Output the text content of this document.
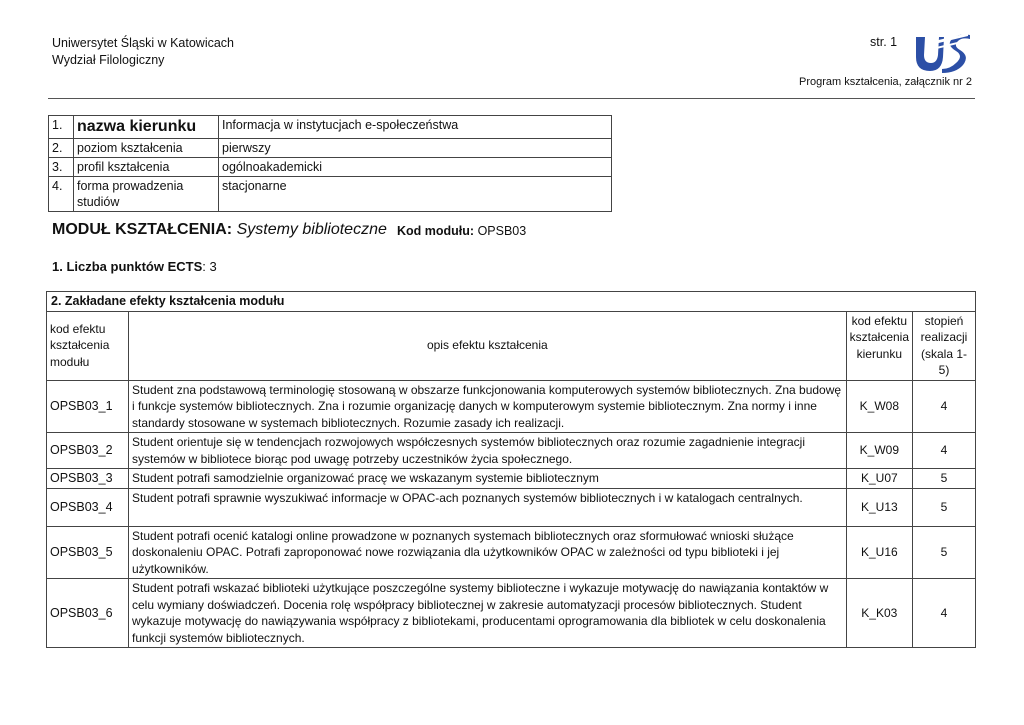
Uniwersytet Śląski w Katowicach
Wydział Filologiczny
str. 1
Program kształcenia, załącznik nr 2
1.	nazwa kierunku	Informacja w instytucjach e-społeczeństwa
2.	poziom kształcenia	pierwszy
3.	profil kształcenia	ogólnoakademicki
4.	forma prowadzenia studiów	stacjonarne
MODUŁ KSZTAŁCENIA: Systemy biblioteczne Kod modułu: OPSB03
1. Liczba punktów ECTS: 3
2. Zakładane efekty kształcenia modułu			
kod efektu kształcenia modułu	opis efektu kształcenia	kod efektu kształcenia kierunku	stopień realizacji (skala 1-5)
OPSB03_1	Student zna podstawową terminologię stosowaną w obszarze funkcjonowania komputerowych systemów bibliotecznych. Zna budowę i funkcje systemów bibliotecznych. Zna i rozumie organizację danych w komputerowym systemie bibliotecznym. Zna normy i inne standardy stosowane w systemach bibliotecznych. Rozumie zasady ich realizacji.	K_W08	4
OPSB03_2	Student orientuje się w tendencjach rozwojowych współczesnych systemów bibliotecznych oraz rozumie zagadnienie integracji systemów w bibliotece biorąc pod uwagę potrzeby uczestników życia społecznego.	K_W09	4
OPSB03_3	Student potrafi samodzielnie organizować pracę we wskazanym systemie bibliotecznym	K_U07	5
OPSB03_4	Student potrafi sprawnie wyszukiwać informacje w OPAC-ach poznanych systemów bibliotecznych i w katalogach centralnych.	K_U13	5
OPSB03_5	Student potrafi ocenić katalogi online prowadzone w poznanych systemach bibliotecznych oraz sformułować wnioski służące doskonaleniu OPAC. Potrafi zaproponować nowe rozwiązania dla użytkowników OPAC w zależności od typu biblioteki i jej użytkowników.	K_U16	5
OPSB03_6	Student potrafi wskazać biblioteki użytkujące poszczególne systemy biblioteczne i wykazuje motywację do nawiązania kontaktów w celu wymiany doświadczeń. Docenia rolę współpracy bibliotecznej w zakresie automatyzacji procesów bibliotecznych. Student wykazuje motywację do nawiązywania współpracy z bibliotekami, producentami oprogramowania dla bibliotek w celu doskonalenia funkcji systemów bibliotecznych.	K_K03	4
